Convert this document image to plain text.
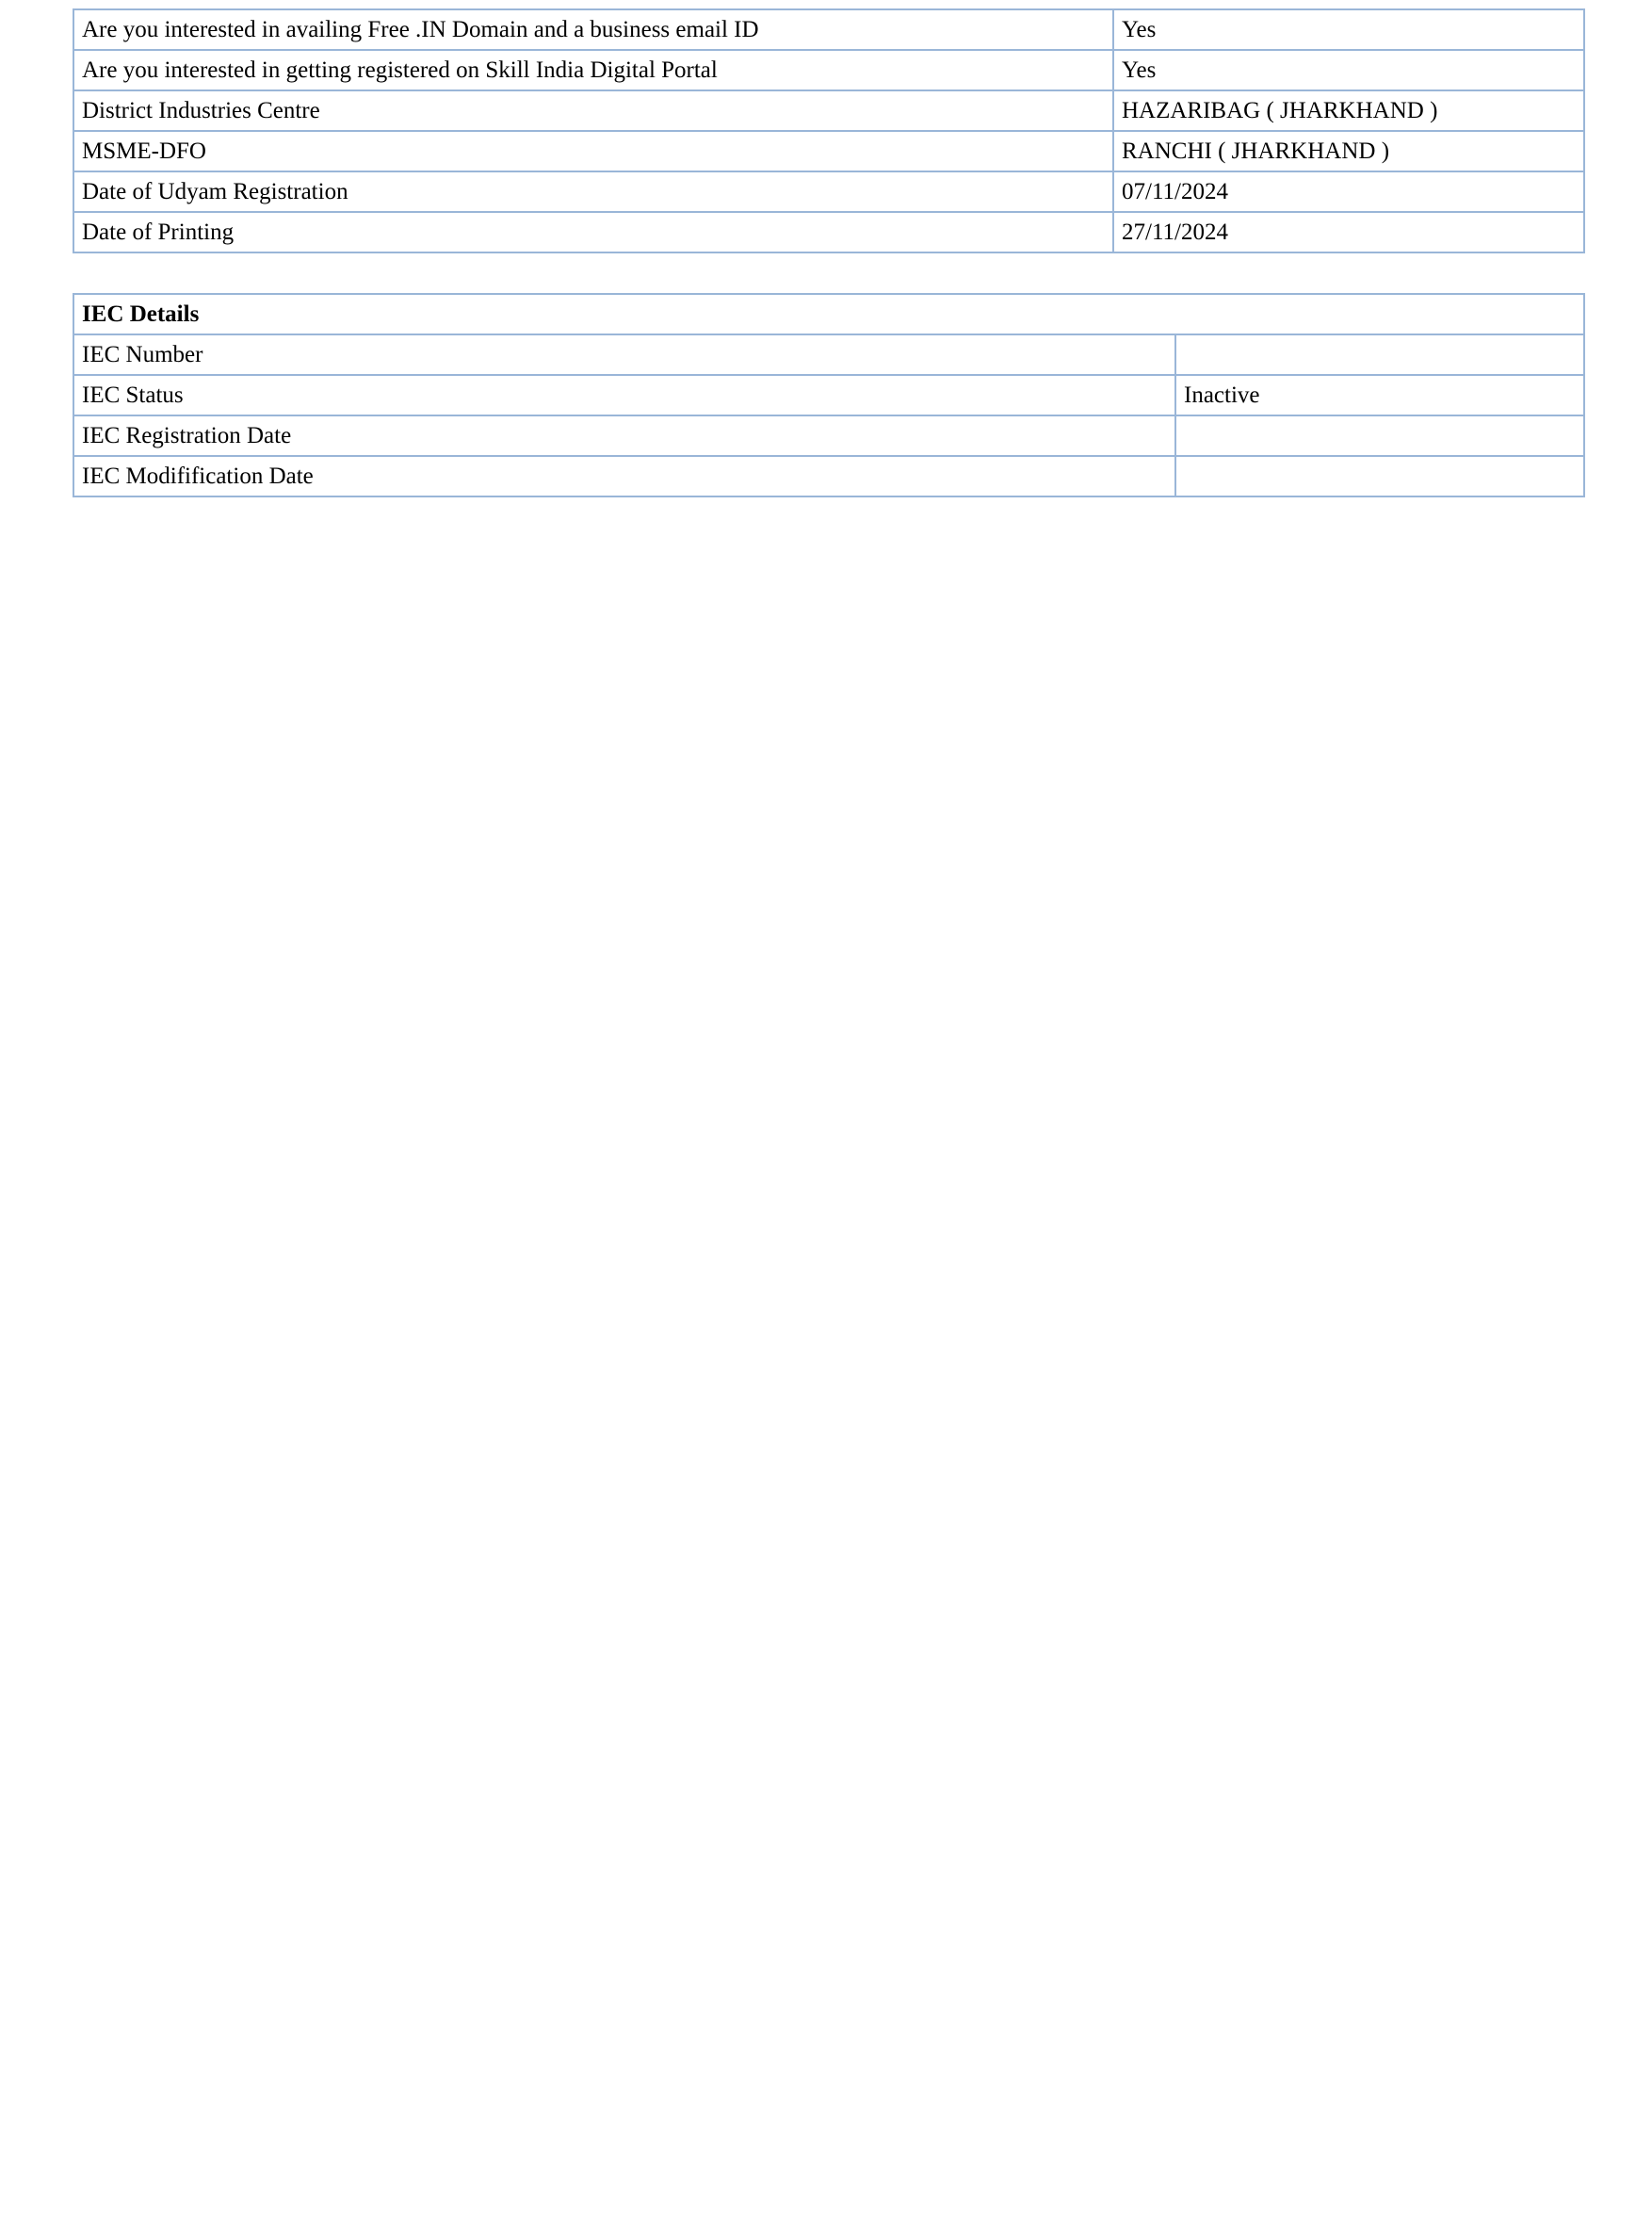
Are you interested in availing Free .IN Domain and a business email ID	Yes
Are you interested in getting registered on Skill India Digital Portal	Yes
District Industries Centre	HAZARIBAG ( JHARKHAND )
MSME-DFO	RANCHI ( JHARKHAND )
Date of Udyam Registration	07/11/2024
Date of Printing	27/11/2024
IEC Details	
IEC Number	
IEC Status	Inactive
IEC Registration Date	
IEC Modifification Date	
